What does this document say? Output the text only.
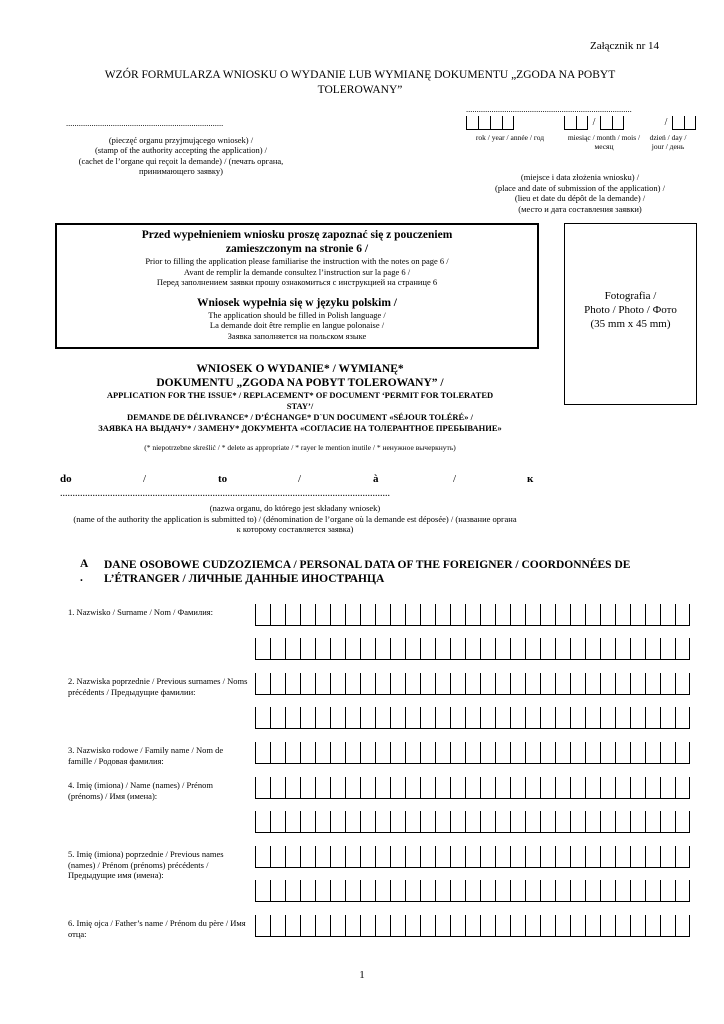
Załącznik nr 14
WZÓR FORMULARZA WNIOSKU O WYDANIE LUB WYMIANĘ DOKUMENTU „ZGODA NA POBYT TOLEROWANY”
..........................................................................
(pieczęć organu przyjmującego wniosek) /
(stamp of the authority accepting the application) /
(cachet de l’organe qui reçoit la demande) / (печать органа, принимающего заявку)
..............................................................................
/	/
rok / year / année / год	miesiąc / month / mois / месяц
dzień / day / jour / день
(miejsce i data złożenia wniosku) /
(place and date of submission of the application) /
(lieu et date du dépôt de la demande) /
(место и дата составления заявки)
Przed wypełnieniem wniosku proszę zapoznać się z pouczeniem zamieszczonym na stronie 6 /
Prior to filling the application please familiarise the instruction with the notes on page 6 /
Avant de remplir la demande consultez l’instruction sur la page 6 /
Перед заполнением заявки прошу ознакомиться с инструкцией на странице 6
Wniosek wypełnia się w języku polskim /
The application should be filled in Polish language /
La demande doit être remplie en langue polonaise /
Заявка заполняется на польском языке
Fotografia /
Photo / Photo / Фото
(35 mm x 45 mm)
WNIOSEK O WYDANIE* / WYMIANĘ*
DOKUMENTU „ZGODA NA POBYT TOLEROWANY” /
APPLICATION FOR THE ISSUE* / REPLACEMENT* OF DOCUMENT ‘PERMIT FOR TOLERATED STAY’/
DEMANDE DE DÉLIVRANCE* / D’ÉCHANGE* D`UN DOCUMENT «SÉJOUR TOLÉRÉ» /
ЗАЯВКА НА ВЫДАЧУ* / ЗАМЕНУ* ДОКУМЕНТА «СОГЛАСИЕ НА ТОЛЕРАНТНОЕ ПРЕБЫВАНИЕ»
(* niepotrzebne skreślić / * delete as appropriate / * rayer le mention inutile / * ненужное вычеркнуть)
do	/	to	/	à	/	к
....................................................................................................................................
(nazwa organu, do którego jest składany wniosek)
(name of the authority the application is submitted to) / (dénomination de l’organe où la demande est déposée) / (название органа
к которому составляется заявка)
A
.
DANE OSOBOWE CUDZOZIEMCA / PERSONAL DATA OF THE FOREIGNER / COORDONNÉES DE L’ÉTRANGER / ЛИЧНЫЕ ДАННЫЕ ИНОСТРАНЦА
1. Nazwisko / Surname / Nom / Фамилия:
2. Nazwiska poprzednie / Previous surnames / Noms précédents / Предыдущие фамилии:
3. Nazwisko rodowe / Family name / Nom de famille / Родовая фамилия:
4. Imię (imiona) / Name (names) / Prénom (prénoms) / Имя (имена):
5. Imię (imiona) poprzednie / Previous names (names) / Prénom (prénoms) précédents / Предыдущие имя (имена):
6. Imię ojca / Father’s name / Prénom du père / Имя отца:
1
